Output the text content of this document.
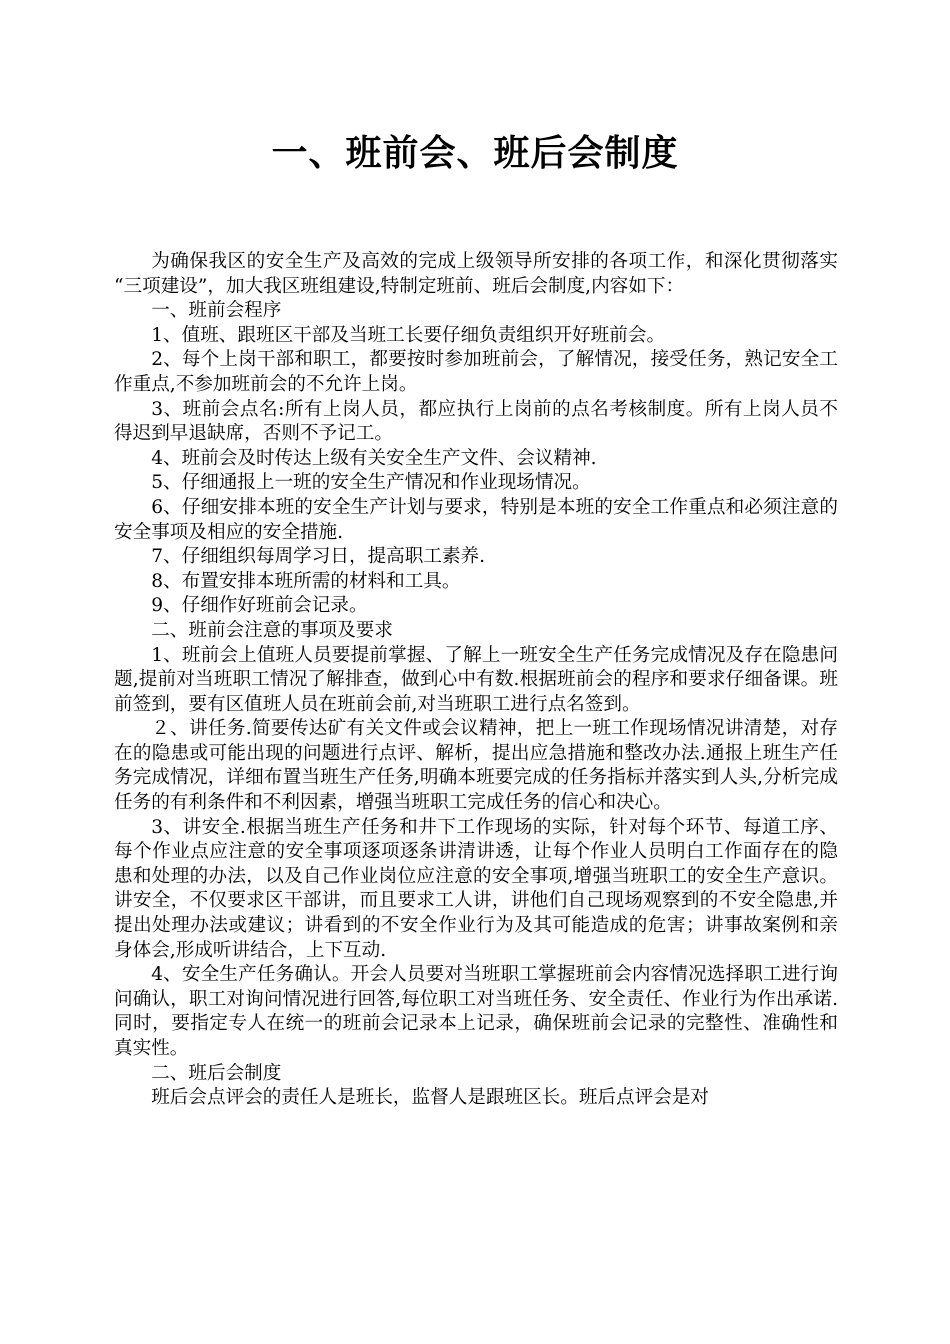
一、班前会、班后会制度

为确保我区的安全生产及高效的完成上级领导所安排的各项工作，和深化贯彻落实 “三项建设”，加大我区班组建设,特制定班前、班后会制度,内容如下：

一、班前会程序

1、值班、跟班区干部及当班工长要仔细负责组织开好班前会。

2、每个上岗干部和职工，都要按时参加班前会，了解情况，接受任务，熟记安全工作重点,不参加班前会的不允许上岗。

3、班前会点名:所有上岗人员，都应执行上岗前的点名考核制度。所有上岗人员不得迟到早退缺席，否则不予记工。

4、班前会及时传达上级有关安全生产文件、会议精神.

5、仔细通报上一班的安全生产情况和作业现场情况。

6、仔细安排本班的安全生产计划与要求，特别是本班的安全工作重点和必须注意的安全事项及相应的安全措施.

7、仔细组织每周学习日，提高职工素养.

8、布置安排本班所需的材料和工具。

9、仔细作好班前会记录。

二、班前会注意的事项及要求

1、班前会上值班人员要提前掌握、了解上一班安全生产任务完成情况及存在隐患问题,提前对当班职工情况了解排查，做到心中有数.根据班前会的程序和要求仔细备课。班前签到，要有区值班人员在班前会前,对当班职工进行点名签到。

２、讲任务.简要传达矿有关文件或会议精神，把上一班工作现场情况讲清楚，对存在的隐患或可能出现的问题进行点评、解析，提出应急措施和整改办法.通报上班生产任务完成情况，详细布置当班生产任务,明确本班要完成的任务指标并落实到人头,分析完成任务的有利条件和不利因素，增强当班职工完成任务的信心和决心。

3、讲安全.根据当班生产任务和井下工作现场的实际，针对每个环节、每道工序、每个作业点应注意的安全事项逐项逐条讲清讲透，让每个作业人员明白工作面存在的隐患和处理的办法，以及自己作业岗位应注意的安全事项,增强当班职工的安全生产意识。讲安全，不仅要求区干部讲，而且要求工人讲，讲他们自己现场观察到的不安全隐患,并提出处理办法或建议；讲看到的不安全作业行为及其可能造成的危害；讲事故案例和亲身体会,形成听讲结合，上下互动.

4、安全生产任务确认。开会人员要对当班职工掌握班前会内容情况选择职工进行询问确认，职工对询问情况进行回答,每位职工对当班任务、安全责任、作业行为作出承诺.同时，要指定专人在统一的班前会记录本上记录，确保班前会记录的完整性、准确性和真实性。

二、班后会制度

班后会点评会的责任人是班长，监督人是跟班区长。班后点评会是对
